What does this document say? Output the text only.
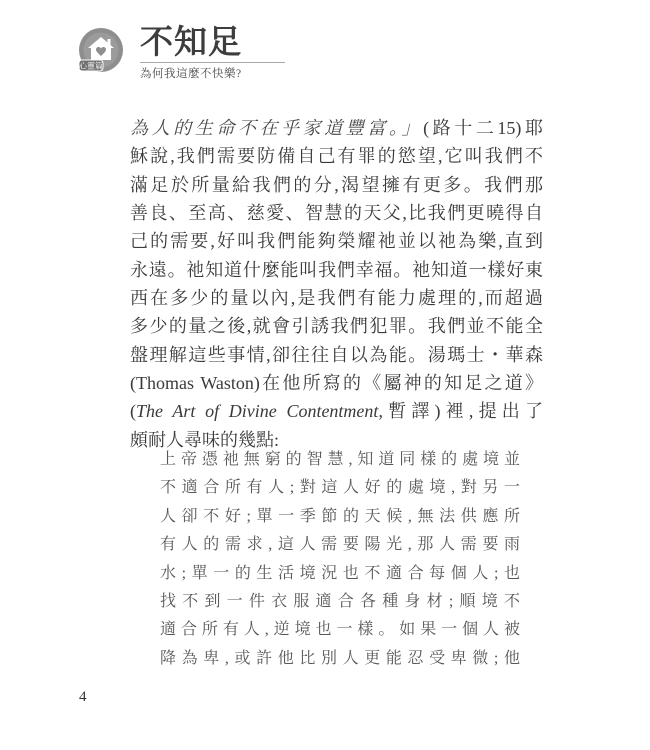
心靈篇
不知足
為何我這麼不快樂?
為人的生命不在乎家道豐富。」(路十二15)耶
穌說,我們需要防備自己有罪的慾望,它叫我們不
滿足於所量給我們的分,渴望擁有更多。我們那
善良、至高、慈愛、智慧的天父,比我們更曉得自
己的需要,好叫我們能夠榮耀祂並以祂為樂,直到
永遠。祂知道什麼能叫我們幸福。祂知道一樣好東
西在多少的量以內,是我們有能力處理的,而超過
多少的量之後,就會引誘我們犯罪。我們並不能全
盤理解這些事情,卻往往自以為能。湯瑪士・華森
(Thomas Waston)在他所寫的《屬神的知足之道》
(The Art of Divine Contentment,暫譯)裡,提出了
頗耐人尋味的幾點:
上帝憑祂無窮的智慧,知道同樣的處境並
不適合所有人;對這人好的處境,對另一
人卻不好;單一季節的天候,無法供應所
有人的需求,這人需要陽光,那人需要雨
水;單一的生活境況也不適合每個人;也
找不到一件衣服適合各種身材;順境不
適合所有人,逆境也一樣。如果一個人被
降為卑,或許他比別人更能忍受卑微;他
4
